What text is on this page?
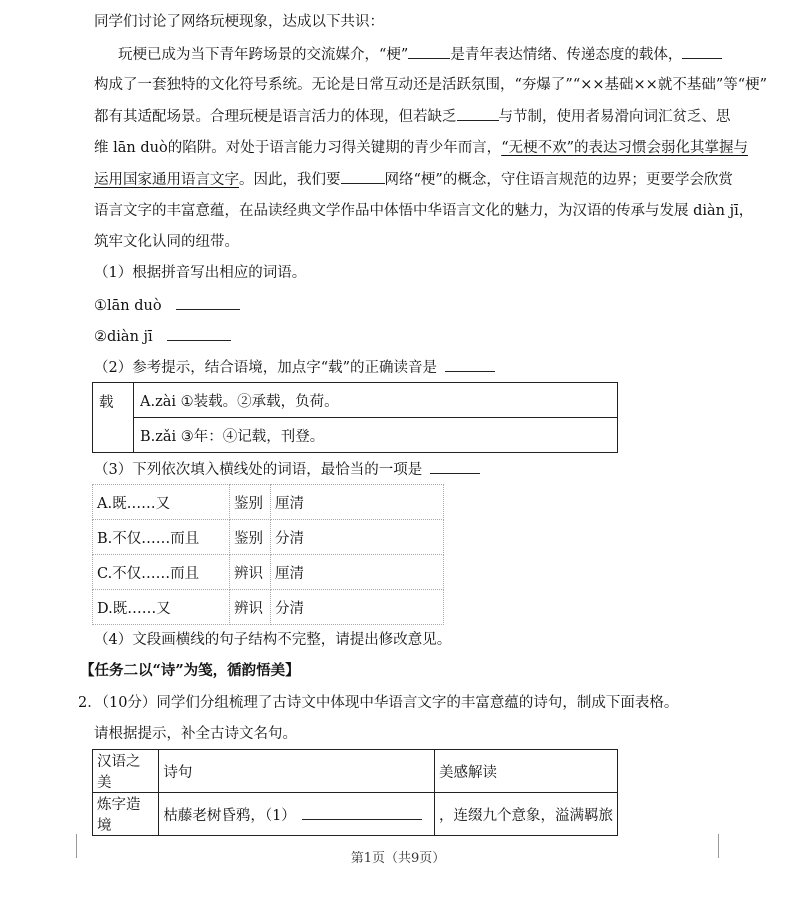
同学们讨论了网络玩梗现象，达成以下共识：
玩梗已成为当下青年跨场景的交流媒介，“梗”	是青年表达情绪、传递态度的载体，
构成了一套独特的文化符号系统。无论是日常互动还是活跃氛围，“夯爆了”“××基础××就不基础”等“梗”
都有其适配场景。合理玩梗是语言活力的体现，但若缺乏	与节制，使用者易滑向词汇贫乏、思
维 lān duò的陷阱。对处于语言能力习得关键期的青少年而言，“无梗不欢”的表达习惯会弱化其掌握与
运用国家通用语言文字。因此，我们要	网络“梗”的概念，守住语言规范的边界；更要学会欣赏
语言文字的丰富意蕴，在品读经典文学作品中体悟中华语言文化的魅力，为汉语的传承与发展 diàn jī，
筑牢文化认同的纽带。
（1）根据拼音写出相应的词语。
①lān duò
②diàn jī
（2）参考提示，结合语境，加点字“载”的正确读音是
载	A.zài ①装载。②承载，负荷。
B.zǎi ③年：④记载，刊登。
（3）下列依次填入横线处的词语，最恰当的一项是
A.既……又	鉴别	厘清
B.不仅……而且	鉴别	分清
C.不仅……而且	辨识	厘清
D.既……又	辨识	分清
（4）文段画横线的句子结构不完整，请提出修改意见。
【任务二以“诗”为笺，循韵悟美】
2．（10分）同学们分组梳理了古诗文中体现中华语言文字的丰富意蕴的诗句，制成下面表格。
请根据提示，补全古诗文名句。
汉语之美	诗句	美感解读
炼字造境	枯藤老树昏鸦，（1）	，连缀九个意象，溢满羁旅
第1页（共9页）
